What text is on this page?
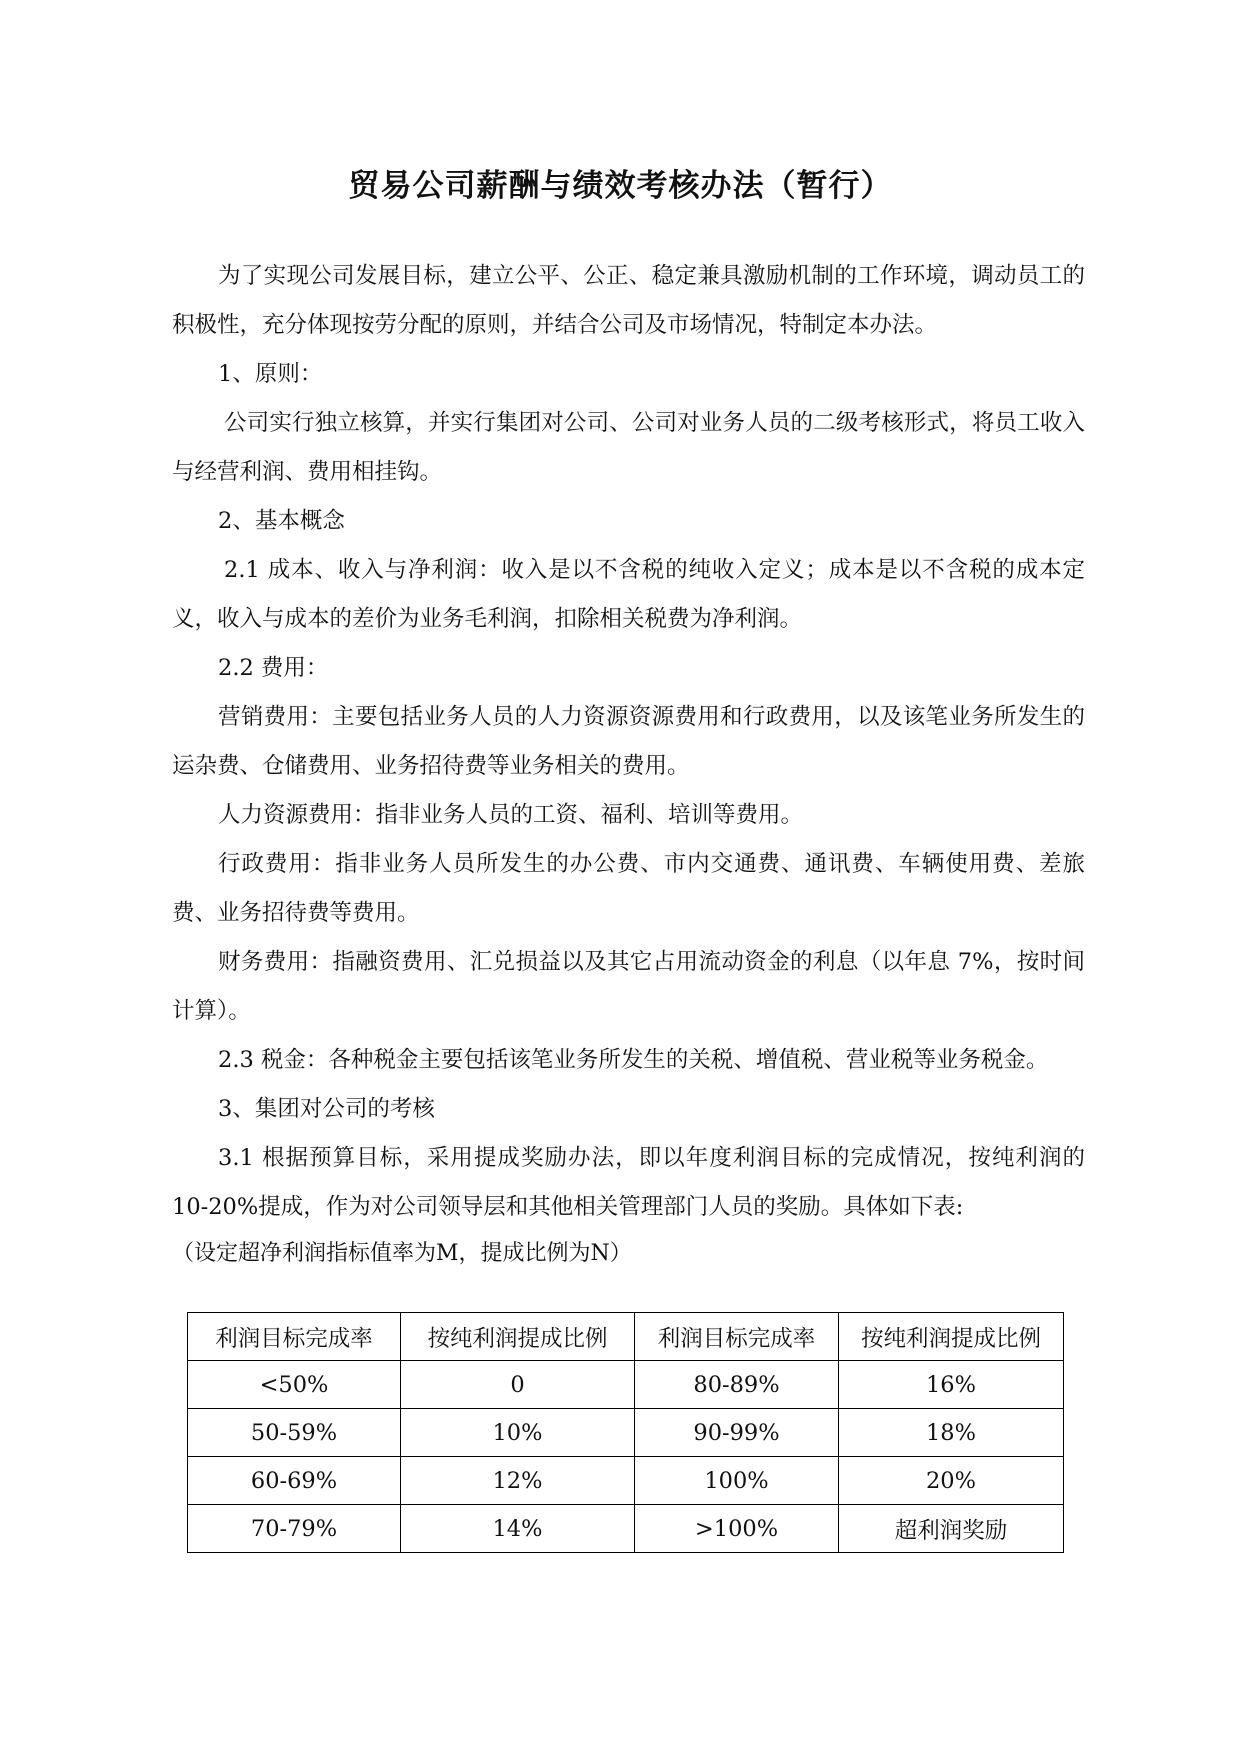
贸易公司薪酬与绩效考核办法（暂行）

为了实现公司发展目标，建立公平、公正、稳定兼具激励机制的工作环境，调动员工的积极性，充分体现按劳分配的原则，并结合公司及市场情况，特制定本办法。

1、原则：

公司实行独立核算，并实行集团对公司、公司对业务人员的二级考核形式，将员工收入与经营利润、费用相挂钩。

2、基本概念

2.1 成本、收入与净利润：收入是以不含税的纯收入定义；成本是以不含税的成本定义，收入与成本的差价为业务毛利润，扣除相关税费为净利润。

2.2 费用：

营销费用：主要包括业务人员的人力资源资源费用和行政费用，以及该笔业务所发生的运杂费、仓储费用、业务招待费等业务相关的费用。

人力资源费用：指非业务人员的工资、福利、培训等费用。

行政费用：指非业务人员所发生的办公费、市内交通费、通讯费、车辆使用费、差旅费、业务招待费等费用。

财务费用：指融资费用、汇兑损益以及其它占用流动资金的利息（以年息 7%，按时间计算）。

2.3 税金：各种税金主要包括该笔业务所发生的关税、增值税、营业税等业务税金。

3、集团对公司的考核

3.1 根据预算目标，采用提成奖励办法，即以年度利润目标的完成情况，按纯利润的 10-20%提成，作为对公司领导层和其他相关管理部门人员的奖励。具体如下表:

（设定超净利润指标值率为M，提成比例为N）

利润目标完成率	按纯利润提成比例	利润目标完成率	按纯利润提成比例
<50%	0	80-89%	16%
50-59%	10%	90-99%	18%
60-69%	12%	100%	20%
70-79%	14%	>100%	超利润奖励
